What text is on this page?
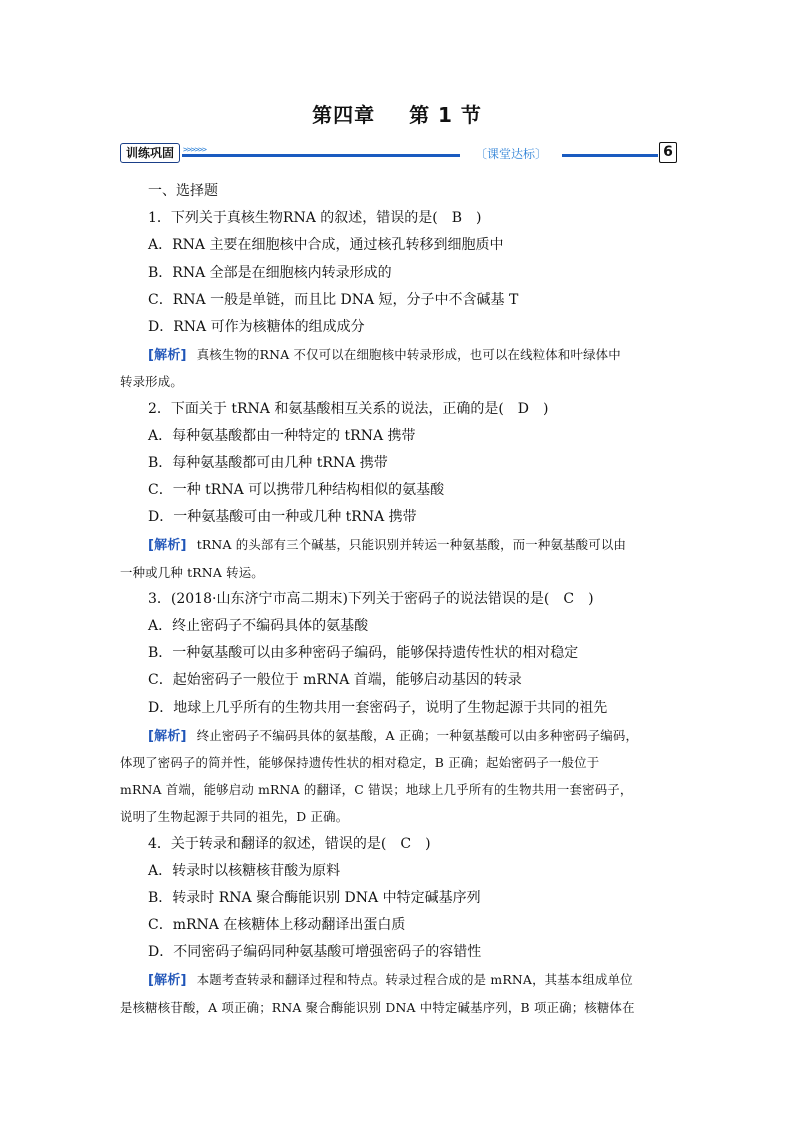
第四章 第 1 节
训练巩固	>>>>>>	〔课堂达标〕	6
一、选择题
1．下列关于真核生物RNA 的叙述，错误的是(　B　)
A．RNA 主要在细胞核中合成，通过核孔转移到细胞质中
B．RNA 全部是在细胞核内转录形成的
C．RNA 一般是单链，而且比 DNA 短，分子中不含碱基 T
D．RNA 可作为核糖体的组成成分
[解析] 真核生物的RNA 不仅可以在细胞核中转录形成，也可以在线粒体和叶绿体中
转录形成。
2．下面关于 tRNA 和氨基酸相互关系的说法，正确的是(　D　)
A．每种氨基酸都由一种特定的 tRNA 携带
B．每种氨基酸都可由几种 tRNA 携带
C．一种 tRNA 可以携带几种结构相似的氨基酸
D．一种氨基酸可由一种或几种 tRNA 携带
[解析] tRNA 的头部有三个碱基，只能识别并转运一种氨基酸，而一种氨基酸可以由
一种或几种 tRNA 转运。
3．(2018·山东济宁市高二期末)下列关于密码子的说法错误的是(　C　)
A．终止密码子不编码具体的氨基酸
B．一种氨基酸可以由多种密码子编码，能够保持遗传性状的相对稳定
C．起始密码子一般位于 mRNA 首端，能够启动基因的转录
D．地球上几乎所有的生物共用一套密码子，说明了生物起源于共同的祖先
[解析] 终止密码子不编码具体的氨基酸，A 正确；一种氨基酸可以由多种密码子编码，
体现了密码子的简并性，能够保持遗传性状的相对稳定，B 正确；起始密码子一般位于
mRNA 首端，能够启动 mRNA 的翻译，C 错误；地球上几乎所有的生物共用一套密码子，
说明了生物起源于共同的祖先，D 正确。
4．关于转录和翻译的叙述，错误的是(　C　)
A．转录时以核糖核苷酸为原料
B．转录时 RNA 聚合酶能识别 DNA 中特定碱基序列
C．mRNA 在核糖体上移动翻译出蛋白质
D．不同密码子编码同种氨基酸可增强密码子的容错性
[解析] 本题考查转录和翻译过程和特点。转录过程合成的是 mRNA，其基本组成单位
是核糖核苷酸，A 项正确；RNA 聚合酶能识别 DNA 中特定碱基序列，B 项正确；核糖体在
